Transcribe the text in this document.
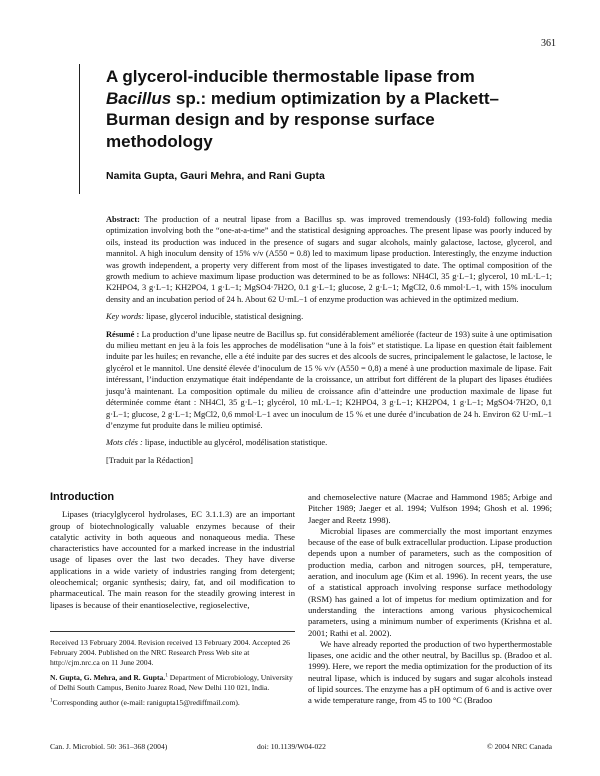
361
A glycerol-inducible thermostable lipase from
Bacillus sp.: medium optimization by a Plackett–Burman design and by response surface methodology
Namita Gupta, Gauri Mehra, and Rani Gupta

Abstract: The production of a neutral lipase from a Bacillus sp. was improved tremendously (193-fold) following media optimization involving both the “one-at-a-time” and the statistical designing approaches. The present lipase was poorly induced by oils, instead its production was induced in the presence of sugars and sugar alcohols, mainly galactose, lactose, glycerol, and mannitol. A high inoculum density of 15% v/v (A550 = 0.8) led to maximum lipase production. Interestingly, the enzyme induction was growth independent, a property very different from most of the lipases investigated to date. The optimal composition of the growth medium to achieve maximum lipase production was determined to be as follows: NH4Cl, 35 g·L−1; glycerol, 10 mL·L−1; K2HPO4, 3 g·L−1; KH2PO4, 1 g·L−1; MgSO4·7H2O, 0.1 g·L−1; glucose, 2 g·L−1; MgCl2, 0.6 mmol·L−1, with 15% inoculum density and an incubation period of 24 h. About 62 U·mL−1 of enzyme production was achieved in the optimized medium.

Key words: lipase, glycerol inducible, statistical designing.

Résumé : La production d’une lipase neutre de Bacillus sp. fut considérablement améliorée (facteur de 193) suite à une optimisation du milieu mettant en jeu à la fois les approches de modélisation “une à la fois” et statistique. La lipase en question était faiblement induite par les huiles; en revanche, elle a été induite par des sucres et des alcools de sucres, principalement le galactose, le lactose, le glycérol et le mannitol. Une densité élevée d’inoculum de 15 % v/v (A550 = 0,8) a mené à une production maximale de lipase. Fait intéressant, l’induction enzymatique était indépendante de la croissance, un attribut fort différent de la plupart des lipases étudiées jusqu’à maintenant. La composition optimale du milieu de croissance afin d’atteindre une production maximale de lipase fut déterminée comme étant : NH4Cl, 35 g·L−1; glycérol, 10 mL·L−1; K2HPO4, 3 g·L−1; KH2PO4, 1 g·L−1; MgSO4·7H2O, 0,1 g·L−1; glucose, 2 g·L−1; MgCl2, 0,6 mmol·L−1 avec un inoculum de 15 % et une durée d’incubation de 24 h. Environ 62 U·mL−1 d’enzyme fut produite dans le milieu optimisé.

Mots clés : lipase, inductible au glycérol, modélisation statistique.

[Traduit par la Rédaction]

Introduction

Lipases (triacylglycerol hydrolases, EC 3.1.1.3) are an important group of biotechnologically valuable enzymes because of their catalytic activity in both aqueous and nonaqueous media. These characteristics have accounted for a marked increase in the industrial usage of lipases over the last two decades. They have diverse applications in a wide variety of industries ranging from detergent; oleochemical; organic synthesis; dairy, fat, and oil modification to pharmaceutical. The main reason for the steadily growing interest in lipases is because of their enantioselective, regioselective,

Received 13 February 2004. Revision received 13 February 2004. Accepted 26 February 2004. Published on the NRC Research Press Web site at http://cjm.nrc.ca on 11 June 2004.

N. Gupta, G. Mehra, and R. Gupta.$^1$ Department of Microbiology, University of Delhi South Campus, Benito Juarez Road, New Delhi 110 021, India.

$^1$Corresponding author (e-mail: ranigupta15@rediffmail.com).

and chemoselective nature (Macrae and Hammond 1985; Arbige and Pitcher 1989; Jaeger et al. 1994; Vulfson 1994; Ghosh et al. 1996; Jaeger and Reetz 1998).

Microbial lipases are commercially the most important enzymes because of the ease of bulk extracellular production. Lipase production depends upon a number of parameters, such as the composition of production media, carbon and nitrogen sources, pH, temperature, aeration, and inoculum age (Kim et al. 1996). In recent years, the use of a statistical approach involving response surface methodology (RSM) has gained a lot of impetus for medium optimization and for understanding the interactions among various physicochemical parameters, using a minimum number of experiments (Krishna et al. 2001; Rathi et al. 2002).

We have already reported the production of two hyperthermostable lipases, one acidic and the other neutral, by Bacillus sp. (Bradoo et al. 1999). Here, we report the media optimization for the production of its neutral lipase, which is induced by sugars and sugar alcohols instead of lipid sources. The enzyme has a pH optimum of 6 and is active over a wide temperature range, from 45 to 100 °C (Bradoo

Can. J. Microbiol. 50: 361–368 (2004)	doi: 10.1139/W04-022	© 2004 NRC Canada
